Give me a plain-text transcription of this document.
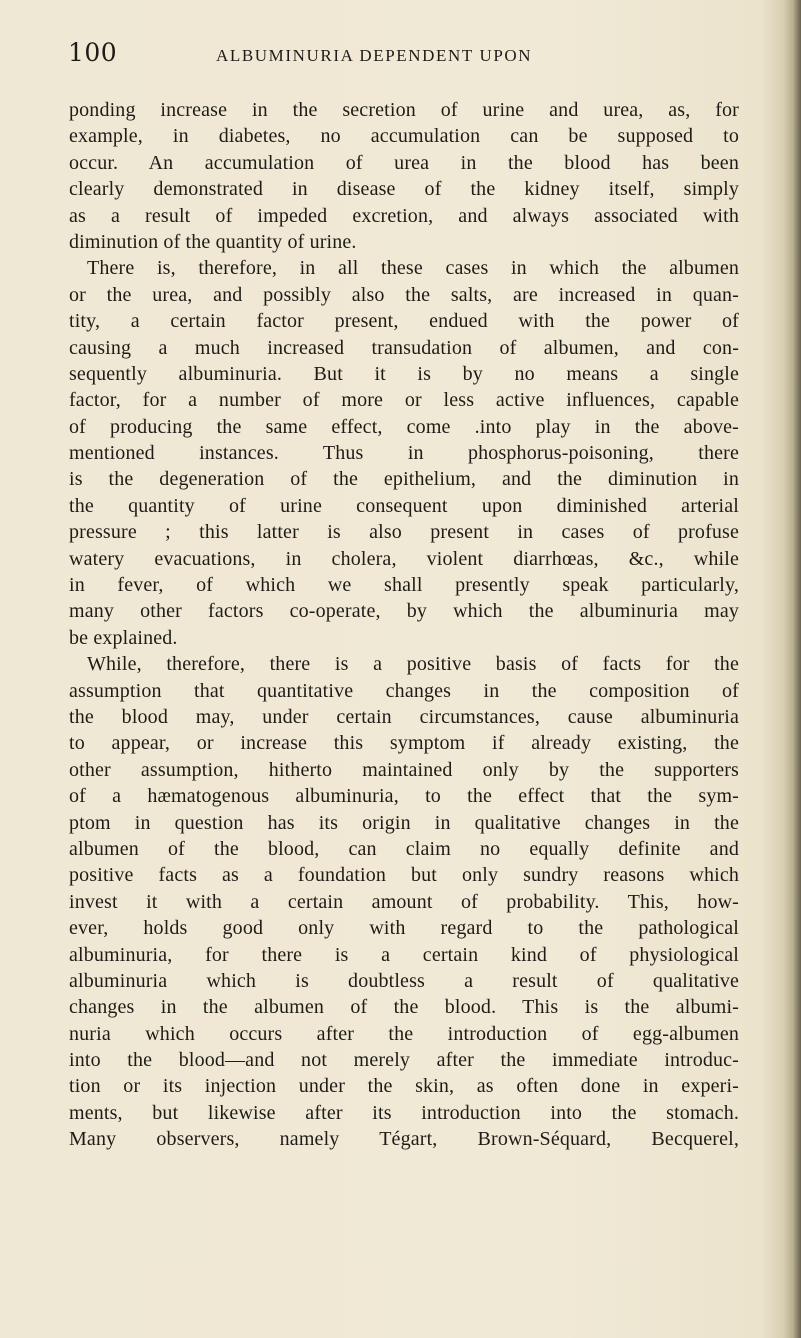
100	ALBUMINURIA DEPENDENT UPON
ponding increase in the secretion of urine and urea, as, for
example, in diabetes, no accumulation can be supposed to
occur. An accumulation of urea in the blood has been
clearly demonstrated in disease of the kidney itself, simply
as a result of impeded excretion, and always associated with
diminution of the quantity of urine.
There is, therefore, in all these cases in which the albumen
or the urea, and possibly also the salts, are increased in quan-
tity, a certain factor present, endued with the power of
causing a much increased transudation of albumen, and con-
sequently albuminuria. But it is by no means a single
factor, for a number of more or less active influences, capable
of producing the same effect, come .into play in the above-
mentioned instances. Thus in phosphorus-poisoning, there
is the degeneration of the epithelium, and the diminution in
the quantity of urine consequent upon diminished arterial
pressure ; this latter is also present in cases of profuse
watery evacuations, in cholera, violent diarrhœas, &c., while
in fever, of which we shall presently speak particularly,
many other factors co-operate, by which the albuminuria may
be explained.
While, therefore, there is a positive basis of facts for the
assumption that quantitative changes in the composition of
the blood may, under certain circumstances, cause albuminuria
to appear, or increase this symptom if already existing, the
other assumption, hitherto maintained only by the supporters
of a hæmatogenous albuminuria, to the effect that the sym-
ptom in question has its origin in qualitative changes in the
albumen of the blood, can claim no equally definite and
positive facts as a foundation but only sundry reasons which
invest it with a certain amount of probability. This, how-
ever, holds good only with regard to the pathological
albuminuria, for there is a certain kind of physiological
albuminuria which is doubtless a result of qualitative
changes in the albumen of the blood. This is the albumi-
nuria which occurs after the introduction of egg-albumen
into the blood—and not merely after the immediate introduc-
tion or its injection under the skin, as often done in experi-
ments, but likewise after its introduction into the stomach.
Many observers, namely Tégart, Brown-Séquard, Becquerel,
